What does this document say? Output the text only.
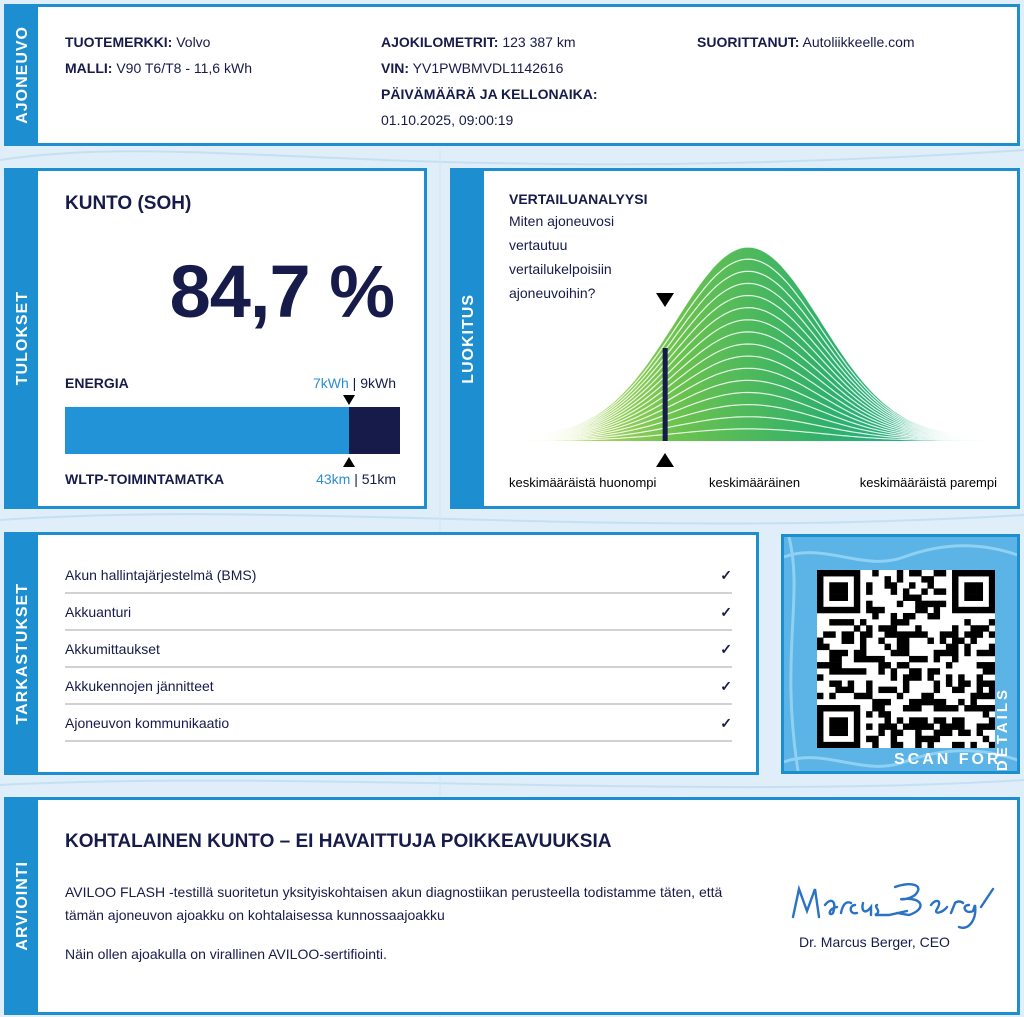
AJONEUVO TUOTEMERKKI: Volvo
MALLI: V90 T6/T8 - 11,6 kWh
AJOKILOMETRIT: 123 387 km
VIN: YV1PWBMVDL1142616
PÄIVÄMÄÄRÄ JA KELLONAIKA:
01.10.2025, 09:00:19
SUORITTANUT: Autoliikkeelle.com
TULOKSET
KUNTO (SOH)
84,7 %
ENERGIA	7kWh | 9kWh
WLTP-TOIMINTAMATKA	43km | 51km
LUOKITUS
VERTAILUANALYYSI
Miten ajoneuvosi vertautuu vertailukelpoisiin ajoneuvoihin?
keskimääräistä huonompi	keskimääräinen	keskimääräistä parempi
TARKASTUKSET
Akun hallintajärjestelmä (BMS)	✓
Akkuanturi	✓
Akkumittaukset	✓
Akkukennojen jännitteet	✓
Ajoneuvon kommunikaatio	✓
SCAN FOR
DETAILS
ARVIOINTI
KOHTALAINEN KUNTO – EI HAVAITTUJA POIKKEAVUUKSIA
AVILOO FLASH -testillä suoritetun yksityiskohtaisen akun diagnostiikan perusteella todistamme täten, että tämän ajoneuvon ajoakku on kohtalaisessa kunnossaajoakku
Näin ollen ajoakulla on virallinen AVILOO-sertifiointi.
Dr. Marcus Berger, CEO
